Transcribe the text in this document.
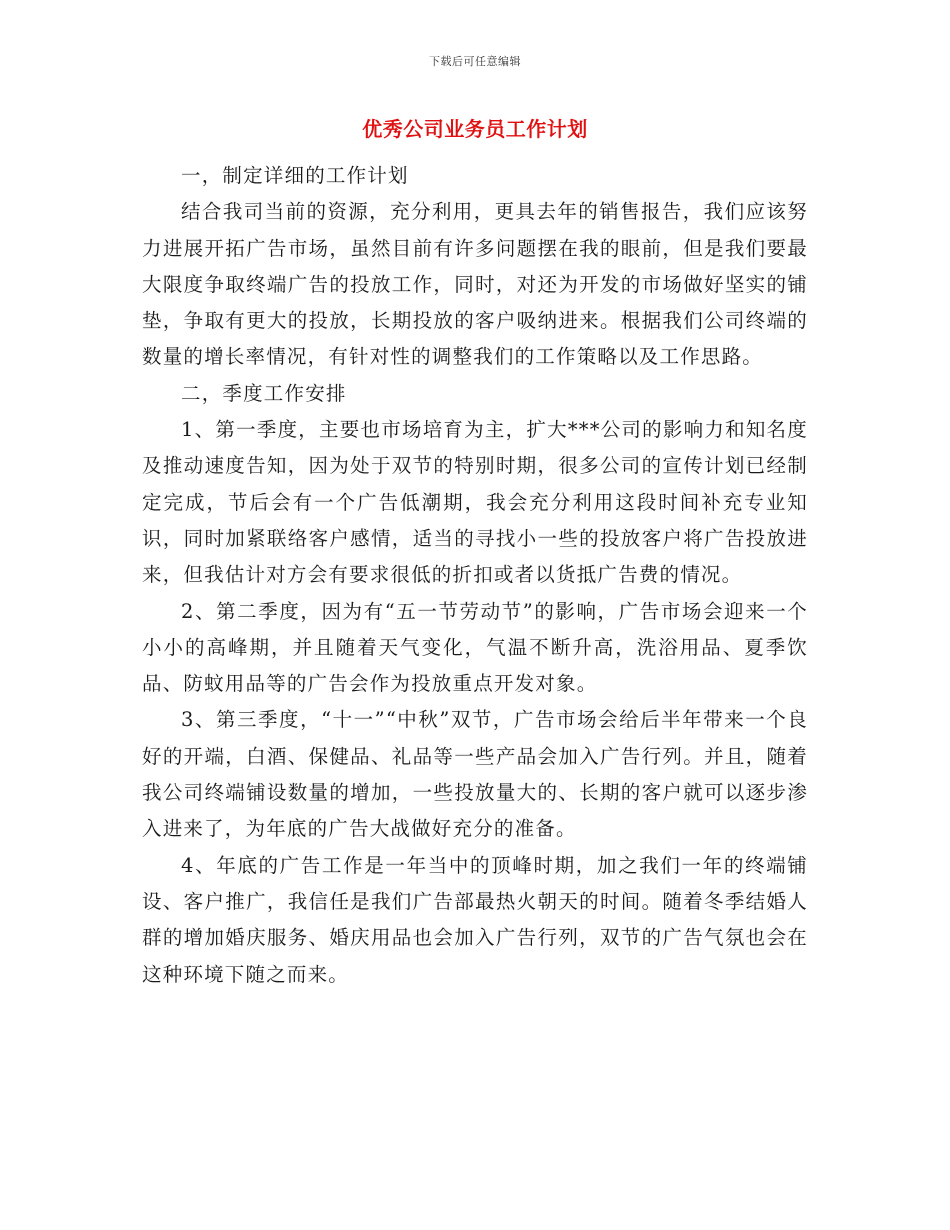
下载后可任意编辑
优秀公司业务员工作计划

一，制定详细的工作计划

结合我司当前的资源，充分利用，更具去年的销售报告，我们应该努力进展开拓广告市场，虽然目前有许多问题摆在我的眼前，但是我们要最大限度争取终端广告的投放工作，同时，对还为开发的市场做好坚实的铺垫，争取有更大的投放，长期投放的客户吸纳进来。根据我们公司终端的数量的增长率情况，有针对性的调整我们的工作策略以及工作思路。

二，季度工作安排

1、第一季度，主要也市场培育为主，扩大***公司的影响力和知名度及推动速度告知，因为处于双节的特别时期，很多公司的宣传计划已经制定完成，节后会有一个广告低潮期，我会充分利用这段时间补充专业知识，同时加紧联络客户感情，适当的寻找小一些的投放客户将广告投放进来，但我估计对方会有要求很低的折扣或者以货抵广告费的情况。

2、第二季度，因为有“五一节劳动节”的影响，广告市场会迎来一个小小的高峰期，并且随着天气变化，气温不断升高，洗浴用品、夏季饮品、防蚊用品等的广告会作为投放重点开发对象。

3、第三季度，“十一”“中秋”双节，广告市场会给后半年带来一个良好的开端，白酒、保健品、礼品等一些产品会加入广告行列。并且，随着我公司终端铺设数量的增加，一些投放量大的、长期的客户就可以逐步渗入进来了，为年底的广告大战做好充分的准备。

4、年底的广告工作是一年当中的顶峰时期，加之我们一年的终端铺设、客户推广，我信任是我们广告部最热火朝天的时间。随着冬季结婚人群的增加婚庆服务、婚庆用品也会加入广告行列，双节的广告气氛也会在这种环境下随之而来。
